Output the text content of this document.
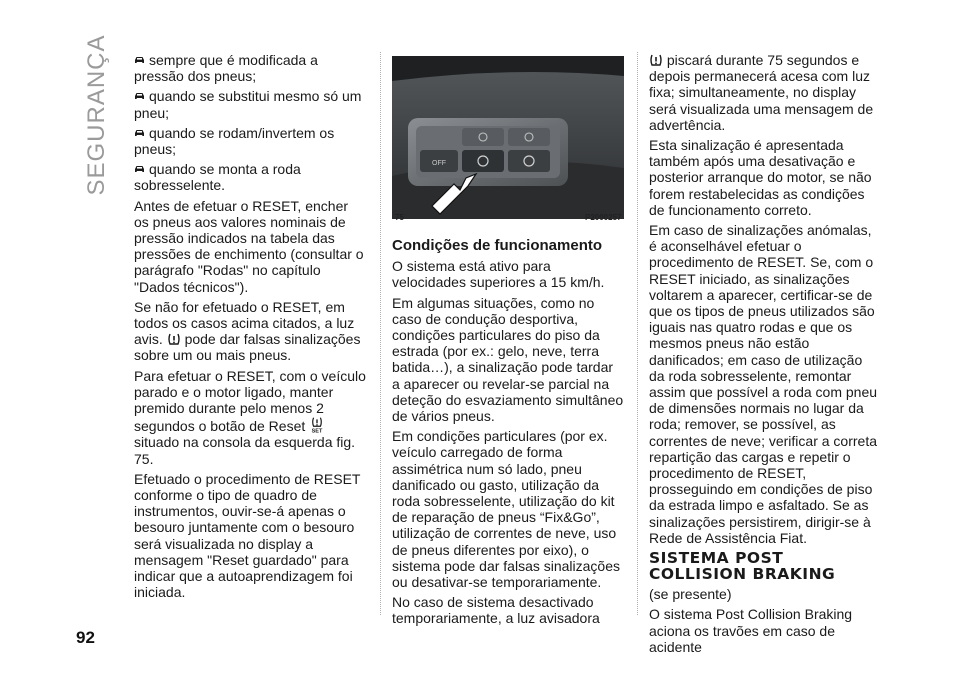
SEGURANÇA	sempre que é modificada a pressão dos pneus;

quando se substitui mesmo só um pneu;

quando se rodam/invertem os pneus;

quando se monta a roda sobresselente.

Antes de efetuar o RESET, encher os pneus aos valores nominais de pressão indicados na tabela das pressões de enchimento (consultar o parágrafo "Rodas" no capítulo "Dados técnicos").

Se não for efetuado o RESET, em todos os casos acima citados, a luz avis. pode dar falsas sinalizações sobre um ou mais pneus.

Para efetuar o RESET, com o veículo parado e o motor ligado, manter premido durante pelo menos 2 segundos o botão de Reset SET
situado na consola da esquerda fig. 75.

Efetuado o procedimento de RESET conforme o tipo de quadro de instrumentos, ouvir-se-á apenas o besouro juntamente com o besouro será visualizada no display a mensagem "Reset guardado" para indicar que a autoaprendizagem foi iniciada.

OFF
75	P2000257

Condições de funcionamento

O sistema está ativo para velocidades superiores a 15 km/h.

Em algumas situações, como no caso de condução desportiva, condições particulares do piso da estrada (por ex.: gelo, neve, terra batida…), a sinalização pode tardar a aparecer ou revelar-se parcial na deteção do esvaziamento simultâneo de vários pneus.

Em condições particulares (por ex. veículo carregado de forma assimétrica num só lado, pneu danificado ou gasto, utilização da roda sobresselente, utilização do kit de reparação de pneus “Fix&Go”, utilização de correntes de neve, uso de pneus diferentes por eixo), o sistema pode dar falsas sinalizações ou desativar-se temporariamente.

No caso de sistema desactivado temporariamente, a luz avisadora

piscará durante 75 segundos e depois permanecerá acesa com luz fixa; simultaneamente, no display será visualizada uma mensagem de advertência.

Esta sinalização é apresentada também após uma desativação e posterior arranque do motor, se não forem restabelecidas as condições de funcionamento correto.

Em caso de sinalizações anómalas, é aconselhável efetuar o procedimento de RESET. Se, com o RESET iniciado, as sinalizações voltarem a aparecer, certificar-se de que os tipos de pneus utilizados são iguais nas quatro rodas e que os mesmos pneus não estão danificados; em caso de utilização da roda sobresselente, remontar assim que possível a roda com pneu de dimensões normais no lugar da roda; remover, se possível, as correntes de neve; verificar a correta repartição das cargas e repetir o procedimento de RESET, prosseguindo em condições de piso da estrada limpo e asfaltado. Se as sinalizações persistirem, dirigir-se à Rede de Assistência Fiat.

SISTEMA POST
COLLISION BRAKING

(se presente)

O sistema Post Collision Braking aciona os travões em caso de acidente

92
